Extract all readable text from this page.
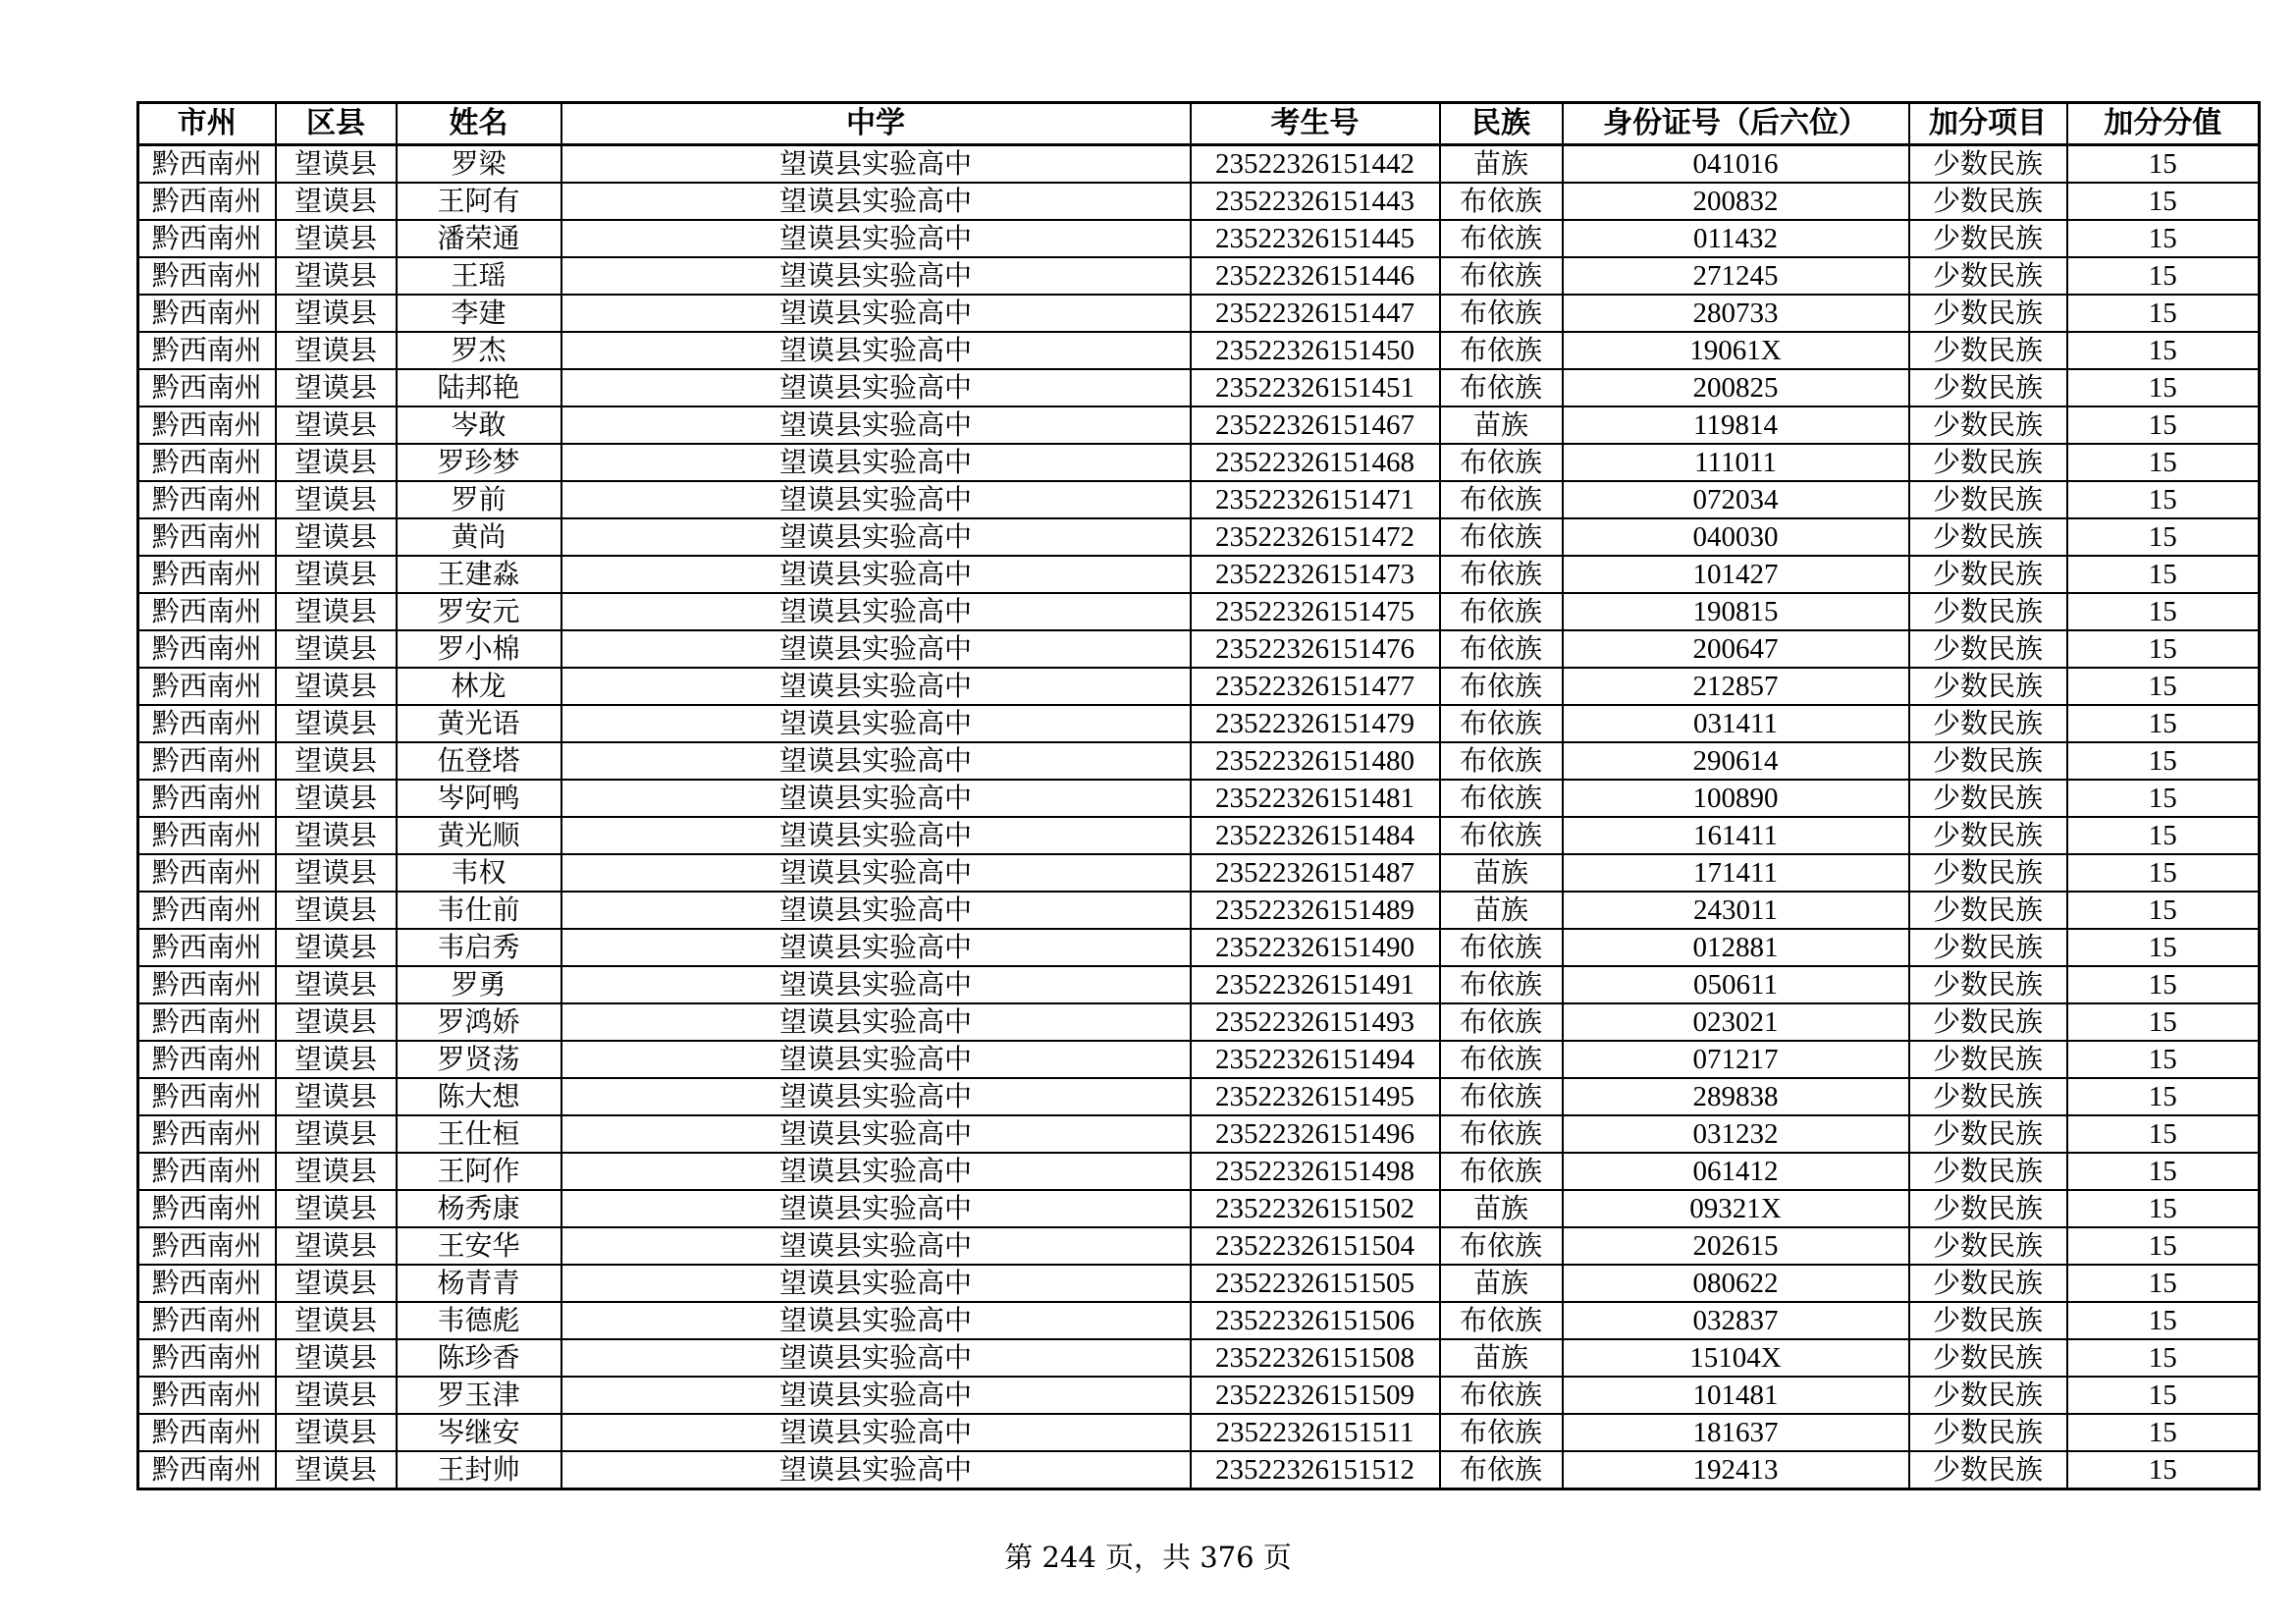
市州	区县	姓名	中学	考生号	民族	身份证号（后六位）	加分项目	加分分值
黔西南州	望谟县	罗梁	望谟县实验高中	23522326151442	苗族	041016	少数民族	15
黔西南州	望谟县	王阿有	望谟县实验高中	23522326151443	布依族	200832	少数民族	15
黔西南州	望谟县	潘荣通	望谟县实验高中	23522326151445	布依族	011432	少数民族	15
黔西南州	望谟县	王瑶	望谟县实验高中	23522326151446	布依族	271245	少数民族	15
黔西南州	望谟县	李建	望谟县实验高中	23522326151447	布依族	280733	少数民族	15
黔西南州	望谟县	罗杰	望谟县实验高中	23522326151450	布依族	19061X	少数民族	15
黔西南州	望谟县	陆邦艳	望谟县实验高中	23522326151451	布依族	200825	少数民族	15
黔西南州	望谟县	岑敢	望谟县实验高中	23522326151467	苗族	119814	少数民族	15
黔西南州	望谟县	罗珍梦	望谟县实验高中	23522326151468	布依族	111011	少数民族	15
黔西南州	望谟县	罗前	望谟县实验高中	23522326151471	布依族	072034	少数民族	15
黔西南州	望谟县	黄尚	望谟县实验高中	23522326151472	布依族	040030	少数民族	15
黔西南州	望谟县	王建淼	望谟县实验高中	23522326151473	布依族	101427	少数民族	15
黔西南州	望谟县	罗安元	望谟县实验高中	23522326151475	布依族	190815	少数民族	15
黔西南州	望谟县	罗小棉	望谟县实验高中	23522326151476	布依族	200647	少数民族	15
黔西南州	望谟县	林龙	望谟县实验高中	23522326151477	布依族	212857	少数民族	15
黔西南州	望谟县	黄光语	望谟县实验高中	23522326151479	布依族	031411	少数民族	15
黔西南州	望谟县	伍登塔	望谟县实验高中	23522326151480	布依族	290614	少数民族	15
黔西南州	望谟县	岑阿鸭	望谟县实验高中	23522326151481	布依族	100890	少数民族	15
黔西南州	望谟县	黄光顺	望谟县实验高中	23522326151484	布依族	161411	少数民族	15
黔西南州	望谟县	韦权	望谟县实验高中	23522326151487	苗族	171411	少数民族	15
黔西南州	望谟县	韦仕前	望谟县实验高中	23522326151489	苗族	243011	少数民族	15
黔西南州	望谟县	韦启秀	望谟县实验高中	23522326151490	布依族	012881	少数民族	15
黔西南州	望谟县	罗勇	望谟县实验高中	23522326151491	布依族	050611	少数民族	15
黔西南州	望谟县	罗鸿娇	望谟县实验高中	23522326151493	布依族	023021	少数民族	15
黔西南州	望谟县	罗贤荡	望谟县实验高中	23522326151494	布依族	071217	少数民族	15
黔西南州	望谟县	陈大想	望谟县实验高中	23522326151495	布依族	289838	少数民族	15
黔西南州	望谟县	王仕桓	望谟县实验高中	23522326151496	布依族	031232	少数民族	15
黔西南州	望谟县	王阿作	望谟县实验高中	23522326151498	布依族	061412	少数民族	15
黔西南州	望谟县	杨秀康	望谟县实验高中	23522326151502	苗族	09321X	少数民族	15
黔西南州	望谟县	王安华	望谟县实验高中	23522326151504	布依族	202615	少数民族	15
黔西南州	望谟县	杨青青	望谟县实验高中	23522326151505	苗族	080622	少数民族	15
黔西南州	望谟县	韦德彪	望谟县实验高中	23522326151506	布依族	032837	少数民族	15
黔西南州	望谟县	陈珍香	望谟县实验高中	23522326151508	苗族	15104X	少数民族	15
黔西南州	望谟县	罗玉津	望谟县实验高中	23522326151509	布依族	101481	少数民族	15
黔西南州	望谟县	岑继安	望谟县实验高中	23522326151511	布依族	181637	少数民族	15
黔西南州	望谟县	王封帅	望谟县实验高中	23522326151512	布依族	192413	少数民族	15
第 244 页，共 376 页
